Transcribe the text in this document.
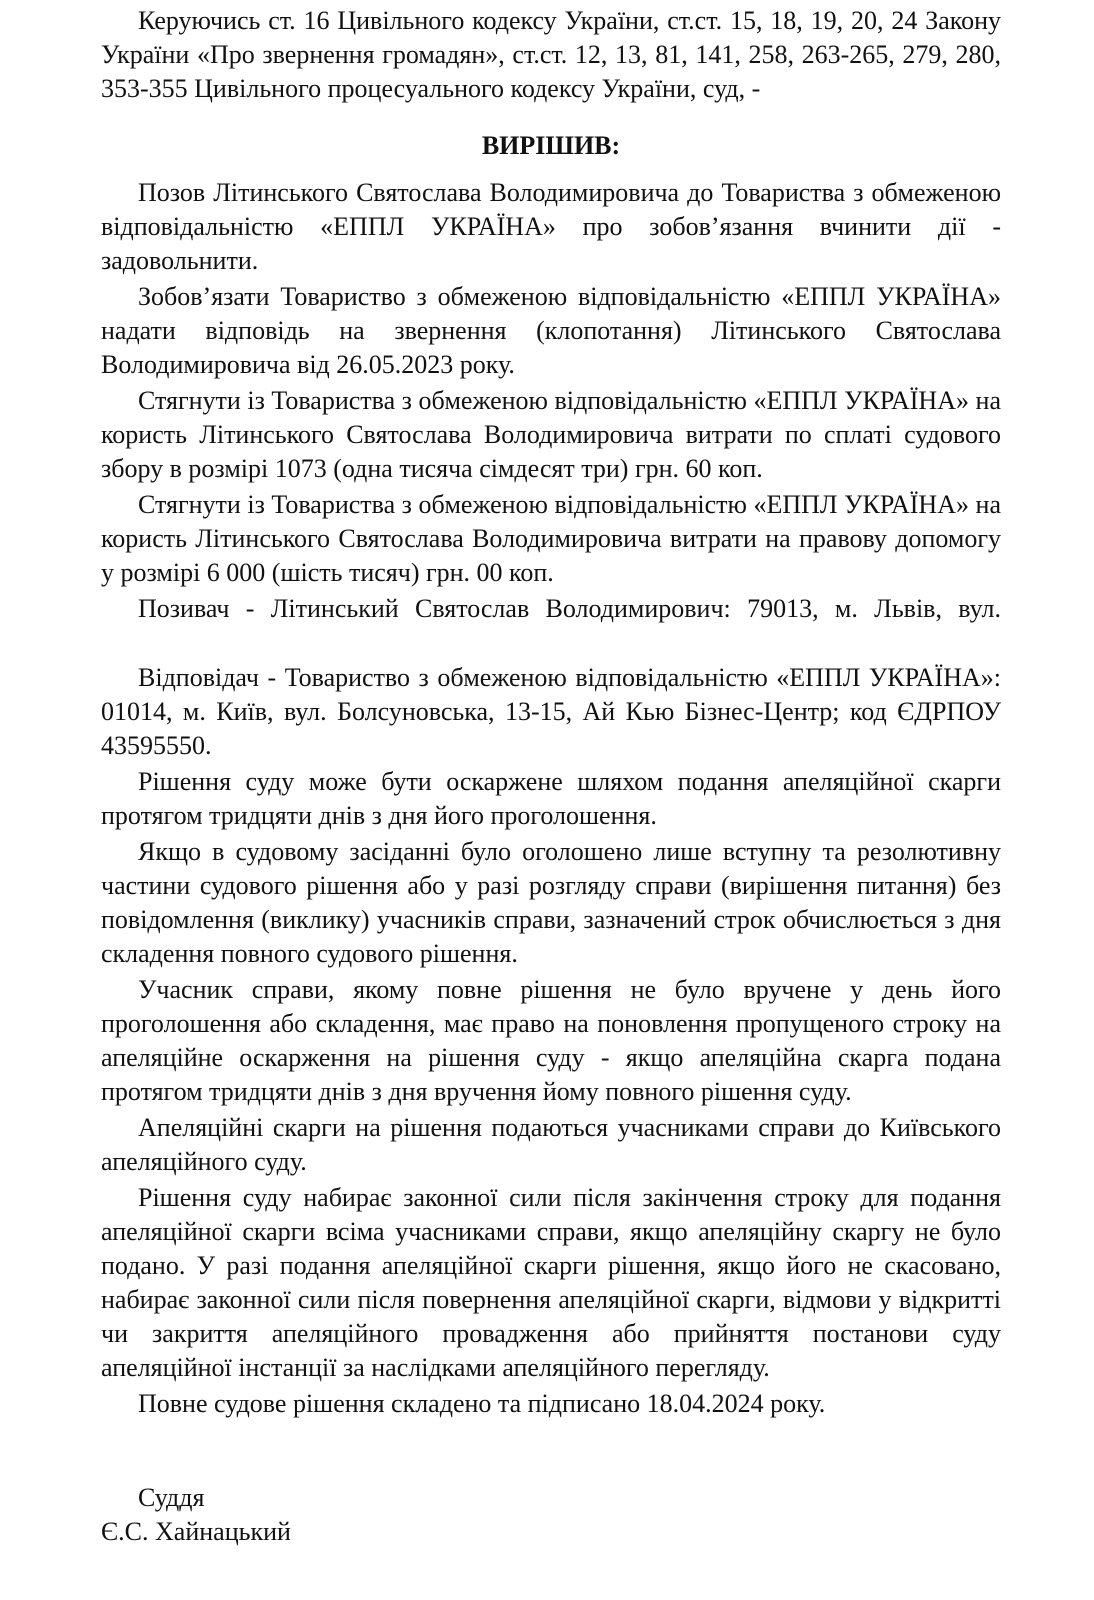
Керуючись ст. 16 Цивільного кодексу України, ст.ст. 15, 18, 19, 20, 24 Закону України «Про звернення громадян», ст.ст. 12, 13, 81, 141, 258, 263-265, 279, 280, 353-355 Цивільного процесуального кодексу України, суд, -

ВИРІШИВ:

Позов Літинського Святослава Володимировича до Товариства з обмеженою відповідальністю «ЕППЛ УКРАЇНА» про зобов’язання вчинити дії - задовольнити.

Зобов’язати Товариство з обмеженою відповідальністю «ЕППЛ УКРАЇНА» надати відповідь на звернення (клопотання) Літинського Святослава Володимировича від 26.05.2023 року.

Стягнути із Товариства з обмеженою відповідальністю «ЕППЛ УКРАЇНА» на користь Літинського Святослава Володимировича витрати по сплаті судового збору в розмірі 1073 (одна тисяча сімдесят три) грн. 60 коп.

Стягнути із Товариства з обмеженою відповідальністю «ЕППЛ УКРАЇНА» на користь Літинського Святослава Володимировича витрати на правову допомогу у розмірі 6 000 (шість тисяч) грн. 00 коп.

Позивач - Літинський Святослав Володимирович: 79013, м. Львів, вул.

Відповідач - Товариство з обмеженою відповідальністю «ЕППЛ УКРАЇНА»: 01014, м. Київ, вул. Болсуновська, 13-15, Ай Кью Бізнес-Центр; код ЄДРПОУ 43595550.

Рішення суду може бути оскаржене шляхом подання апеляційної скарги протягом тридцяти днів з дня його проголошення.

Якщо в судовому засіданні було оголошено лише вступну та резолютивну частини судового рішення або у разі розгляду справи (вирішення питання) без повідомлення (виклику) учасників справи, зазначений строк обчислюється з дня складення повного судового рішення.

Учасник справи, якому повне рішення не було вручене у день його проголошення або складення, має право на поновлення пропущеного строку на апеляційне оскарження на рішення суду - якщо апеляційна скарга подана протягом тридцяти днів з дня вручення йому повного рішення суду.

Апеляційні скарги на рішення подаються учасниками справи до Київського апеляційного суду.

Рішення суду набирає законної сили після закінчення строку для подання апеляційної скарги всіма учасниками справи, якщо апеляційну скаргу не було подано. У разі подання апеляційної скарги рішення, якщо його не скасовано, набирає законної сили після повернення апеляційної скарги, відмови у відкритті чи закриття апеляційного провадження або прийняття постанови суду апеляційної інстанції за наслідками апеляційного перегляду.

Повне судове рішення складено та підписано 18.04.2024 року.

Суддя

Є.С. Хайнацький
